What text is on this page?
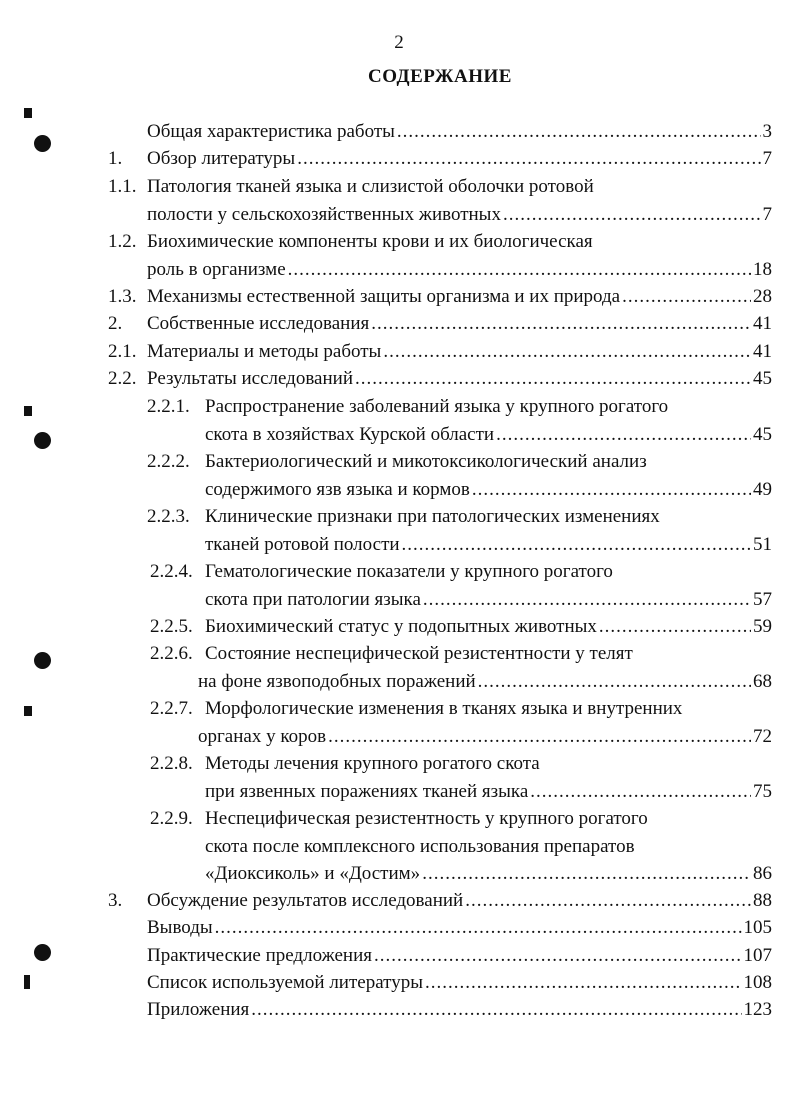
2
СОДЕРЖАНИЕ
Общая характеристика работы .....	3
1. Обзор литературы .....	7
1.1. Патология тканей языка и слизистой оболочки ротовой
полости у сельскохозяйственных животных .....	7
1.2. Биохимические компоненты крови и их биологическая
роль в организме .....	18
1.3. Механизмы естественной защиты организма и их природа .....	28
2. Собственные исследования .....	41
2.1. Материалы и методы работы .....	41
2.2. Результаты исследований .....	45
2.2.1. Распространение заболеваний языка у крупного рогатого
скота в хозяйствах Курской области .....	45
2.2.2. Бактериологический и микотоксикологический анализ
содержимого язв языка и кормов .....	49
2.2.3. Клинические признаки при патологических изменениях
тканей ротовой полости .....	51
2.2.4. Гематологические показатели у крупного рогатого
скота при патологии языка .....	57
2.2.5. Биохимический статус у подопытных животных .....	59
2.2.6. Состояние неспецифической резистентности у телят
на фоне язвоподобных поражений .....	68
2.2.7. Морфологические изменения в тканях языка и внутренних
органах у коров .....	72
2.2.8. Методы лечения крупного рогатого скота
при язвенных поражениях тканей языка .....	75
2.2.9. Неспецифическая резистентность у крупного рогатого
скота после комплексного использования препаратов
«Диоксиколь» и «Достим» .....	86
3. Обсуждение результатов исследований .....	88
Выводы .....	105
Практические предложения .....	107
Список используемой литературы .....	108
Приложения .....	123
